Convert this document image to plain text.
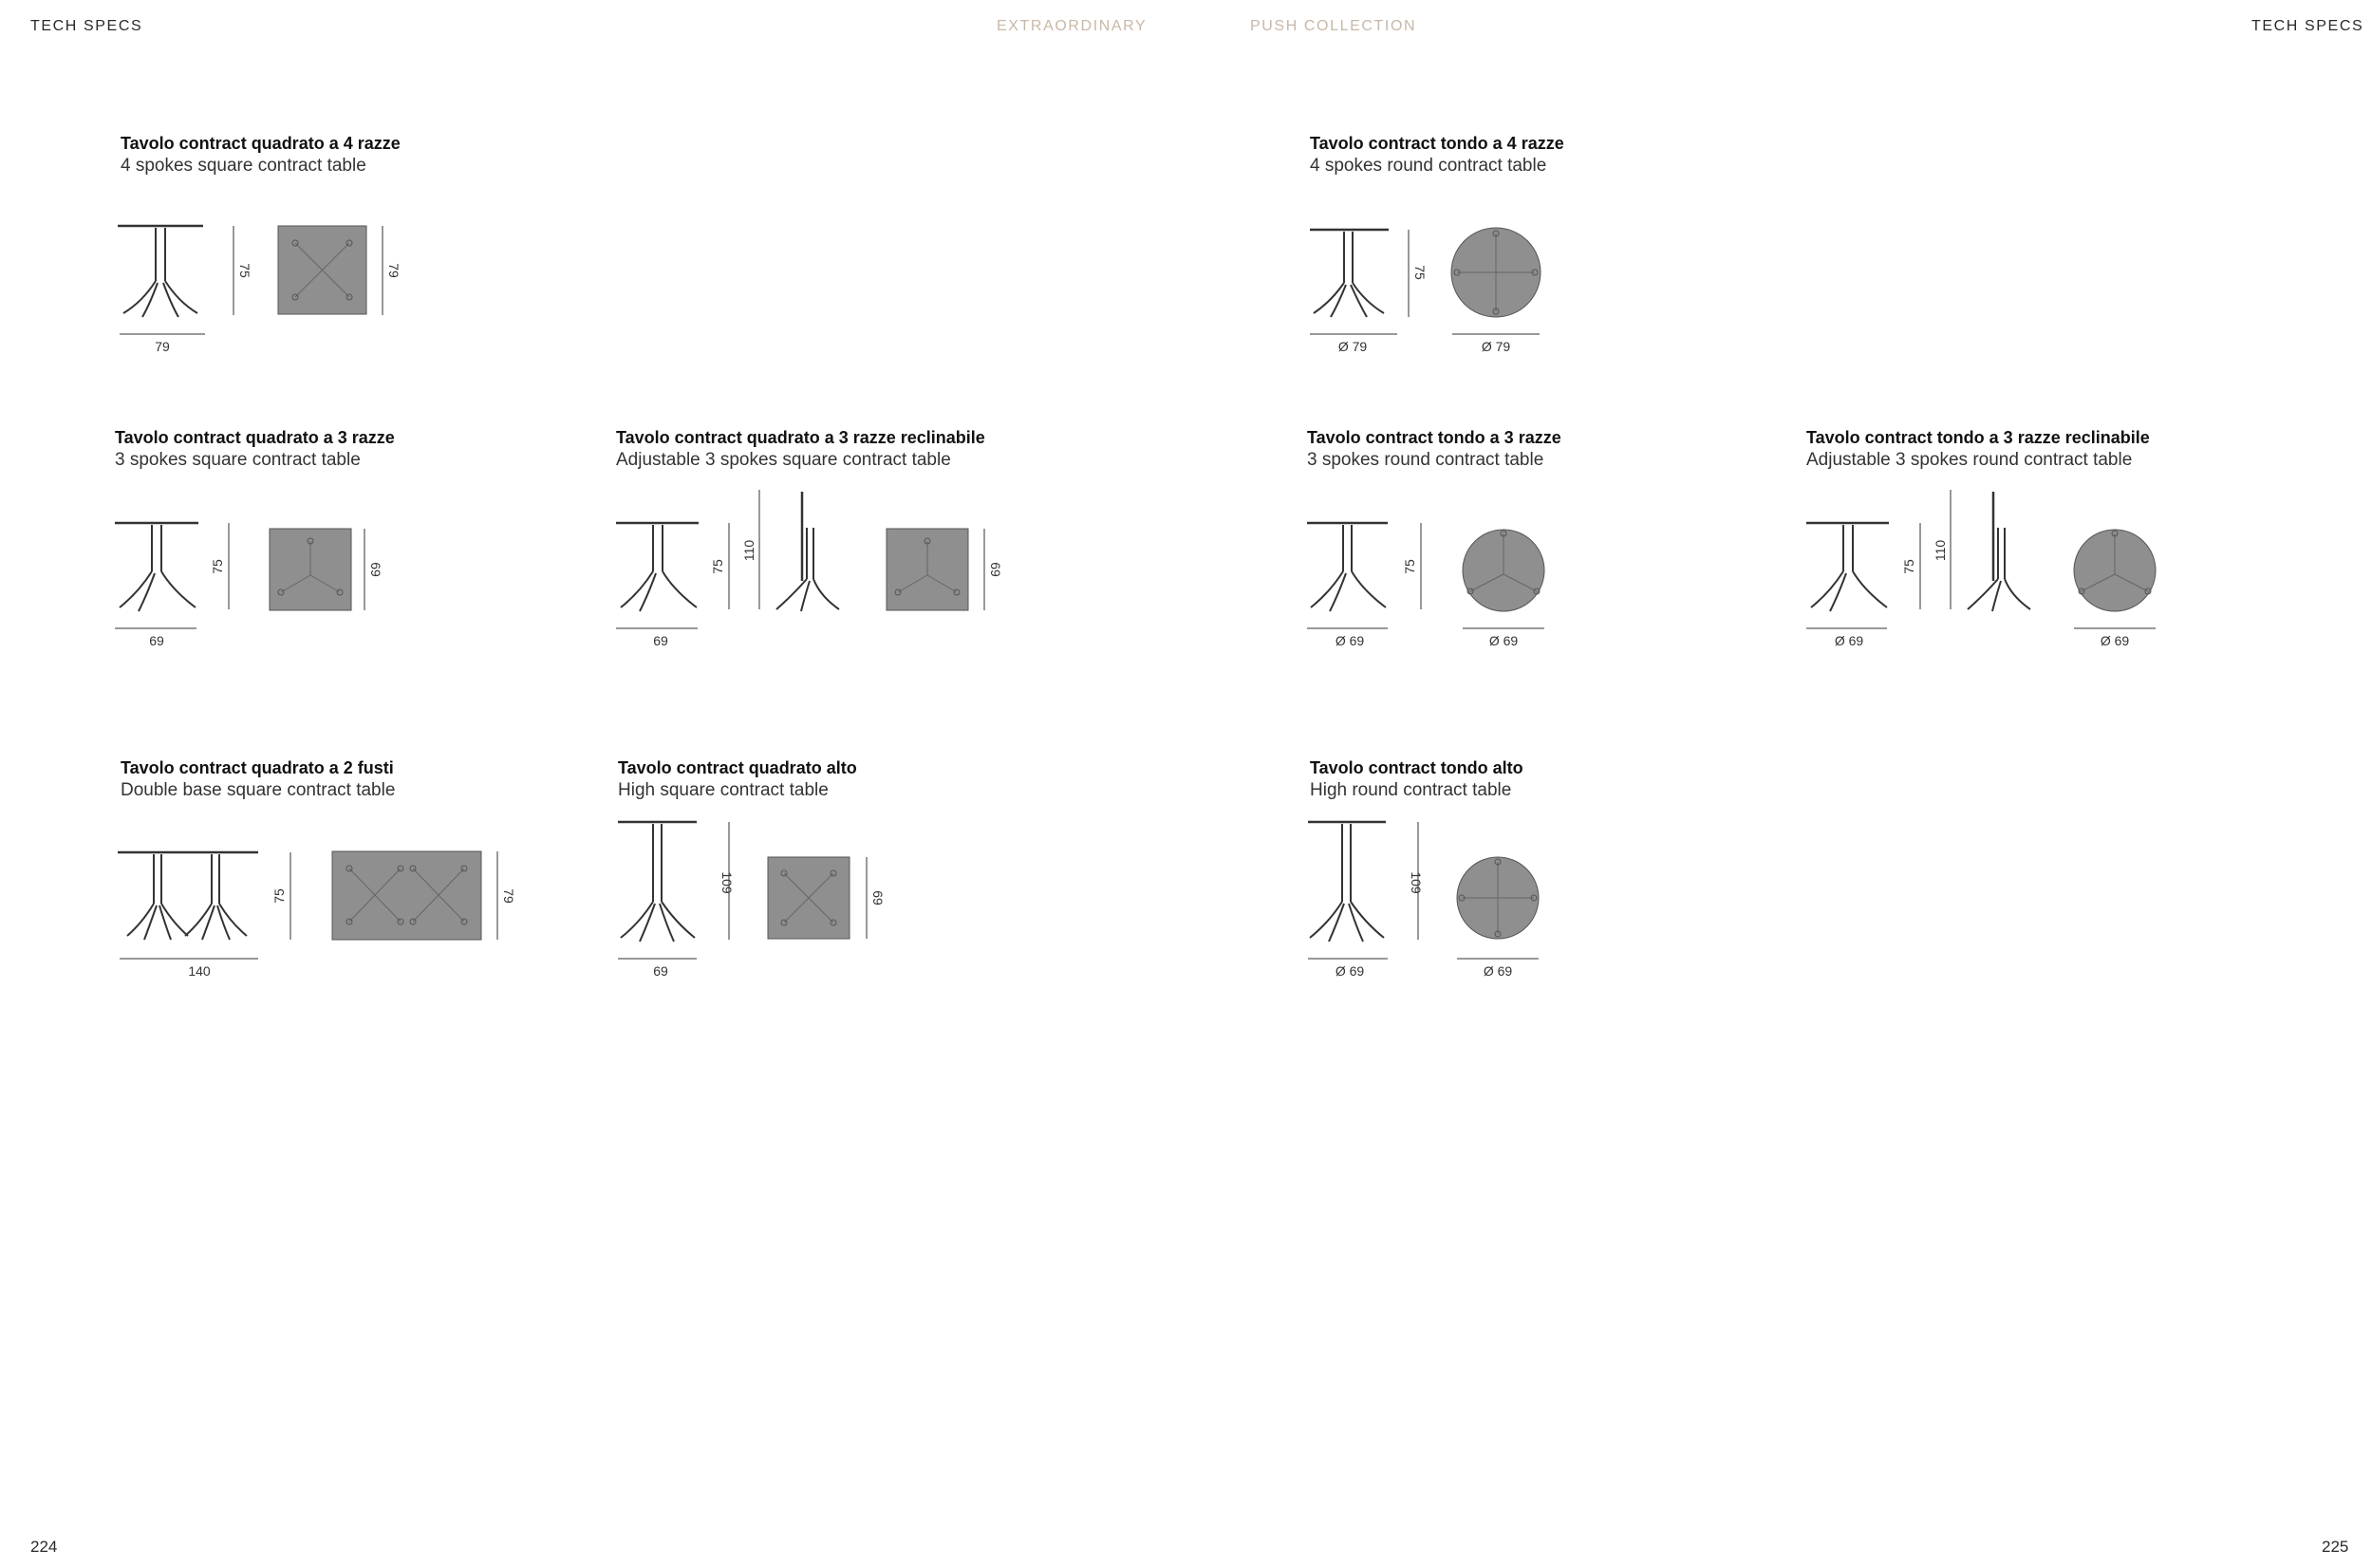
TECH SPECS	EXTRAORDINARY	PUSH COLLECTION	TECH SPECS
Tavolo contract quadrato a 4 razze
4 spokes square contract table
Tavolo contract tondo a 4 razze
4 spokes round contract table
Tavolo contract quadrato a 3 razze
3 spokes square contract table
Tavolo contract quadrato a 3 razze reclinabile
Adjustable 3 spokes square contract table
Tavolo contract tondo a 3 razze
3 spokes round contract table
Tavolo contract tondo a 3 razze reclinabile
Adjustable 3 spokes round contract table
Tavolo contract quadrato a 2 fusti
Double base square contract table
Tavolo contract quadrato alto
High square contract table
Tavolo contract tondo alto
High round contract table
79
75	79
Ø 79
75
Ø 79
69
75	69
69
75
110
69
Ø 69
75
Ø 69	Ø 69
75
110
Ø 69
140
75	79
69
109
69
Ø 69
109
Ø 69
224	225
